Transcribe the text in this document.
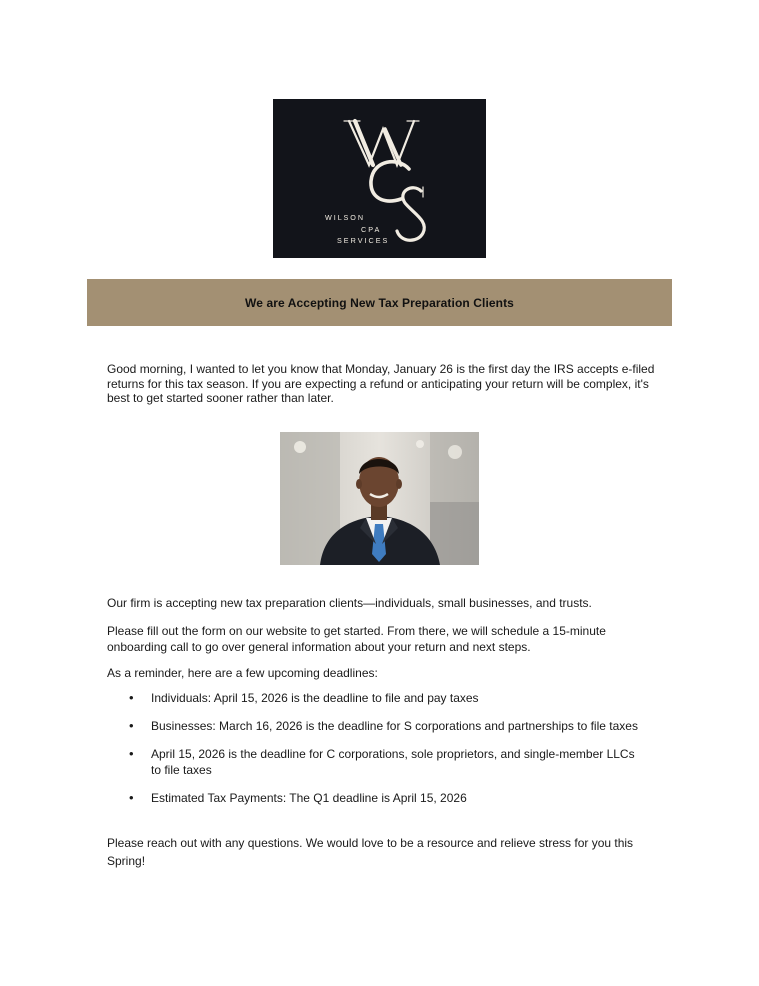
W I L S O N
C P A
S E R V I C E S
We are Accepting New Tax Preparation Clients

Good morning, I wanted to let you know that Monday, January 26 is the first day the IRS accepts e-filed returns for this tax season. If you are expecting a refund or anticipating your return will be complex, it's best to get started sooner rather than later.

Our firm is accepting new tax preparation clients—individuals, small businesses, and trusts.

Please fill out the form on our website to get started. From there, we will schedule a 15-minute onboarding call to go over general information about your return and next steps.

As a reminder, here are a few upcoming deadlines:

• Individuals: April 15, 2026 is the deadline to file and pay taxes
• Businesses: March 16, 2026 is the deadline for S corporations and partnerships to file taxes
• April 15, 2026 is the deadline for C corporations, sole proprietors, and single-member LLCs to file taxes
• Estimated Tax Payments: The Q1 deadline is April 15, 2026

Please reach out with any questions. We would love to be a resource and relieve stress for you this Spring!
